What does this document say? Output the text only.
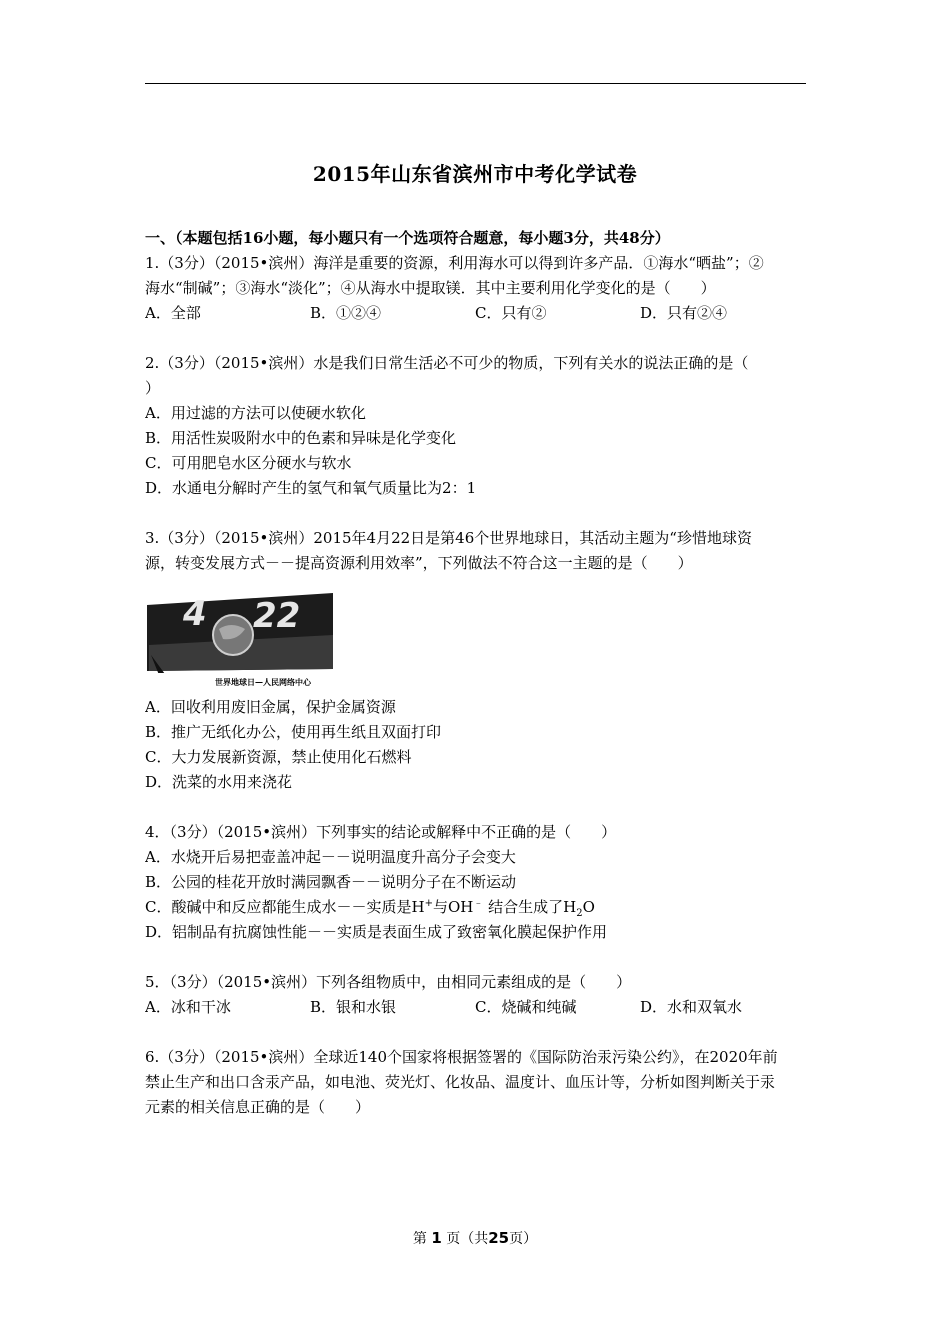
2015年山东省滨州市中考化学试卷
一、（本题包括16小题，每小题只有一个选项符合题意，每小题3分，共48分）
1.（3分）（2015•滨州）海洋是重要的资源，利用海水可以得到许多产品．①海水“晒盐”；②
海水“制碱”；③海水“淡化”；④从海水中提取镁．其中主要利用化学变化的是（　　）
A．全部	B．①②④	C．只有②	D．只有②④
2.（3分）（2015•滨州）水是我们日常生活必不可少的物质，下列有关水的说法正确的是（
）
A．用过滤的方法可以使硬水软化
B．用活性炭吸附水中的色素和异味是化学变化
C．可用肥皂水区分硬水与软水
D．水通电分解时产生的氢气和氧气质量比为2：1
3.（3分）（2015•滨州）2015年4月22日是第46个世界地球日，其活动主题为“珍惜地球资
源，转变发展方式－－提高资源利用效率”，下列做法不符合这一主题的是（　　）
4 22
世界地球日—人民网络中心
A．回收利用废旧金属，保护金属资源
B．推广无纸化办公，使用再生纸且双面打印
C．大力发展新资源，禁止使用化石燃料
D．洗菜的水用来浇花
4．（3分）（2015•滨州）下列事实的结论或解释中不正确的是（　　）
A．水烧开后易把壶盖冲起－－说明温度升高分子会变大
B．公园的桂花开放时满园飘香－－说明分子在不断运动
C．酸碱中和反应都能生成水－－实质是H+与OH﹣ 结合生成了$H_2O$
D．铝制品有抗腐蚀性能－－实质是表面生成了致密氧化膜起保护作用
5．（3分）（2015•滨州）下列各组物质中，由相同元素组成的是（　　）
A．冰和干冰	B．银和水银	C．烧碱和纯碱	D．水和双氧水
6.（3分）（2015•滨州）全球近140个国家将根据签署的《国际防治汞污染公约》，在2020年前
禁止生产和出口含汞产品，如电池、荧光灯、化妆品、温度计、血压计等，分析如图判断关于汞
元素的相关信息正确的是（　　）
第 1 页（共25页）
